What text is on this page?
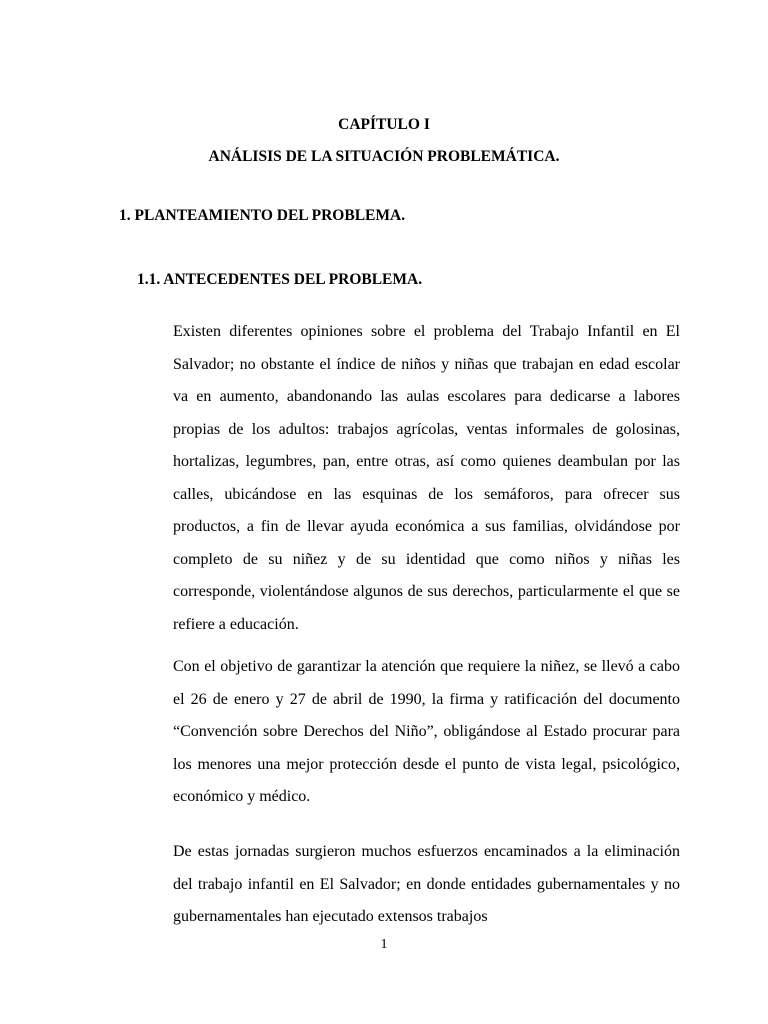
CAPÍTULO I
ANÁLISIS DE LA SITUACIÓN PROBLEMÁTICA.
1. PLANTEAMIENTO DEL PROBLEMA.
1.1. ANTECEDENTES DEL PROBLEMA.

Existen diferentes opiniones sobre el problema del Trabajo Infantil en El Salvador; no obstante el índice de niños y niñas que trabajan en edad escolar va en aumento, abandonando las aulas escolares para dedicarse a labores propias de los adultos: trabajos agrícolas, ventas informales de golosinas, hortalizas, legumbres, pan, entre otras, así como quienes deambulan por las calles, ubicándose en las esquinas de los semáforos, para ofrecer sus productos, a fin de llevar ayuda económica a sus familias, olvidándose por completo de su niñez y de su identidad que como niños y niñas les corresponde, violentándose algunos de sus derechos, particularmente el que se refiere a educación.

Con el objetivo de garantizar la atención que requiere la niñez, se llevó a cabo el 26 de enero y 27 de abril de 1990, la firma y ratificación del documento “Convención sobre Derechos del Niño”, obligándose al Estado procurar para los menores una mejor protección desde el punto de vista legal, psicológico, económico y médico.

De estas jornadas surgieron muchos esfuerzos encaminados a la eliminación del trabajo infantil en El Salvador; en donde entidades gubernamentales y no gubernamentales han ejecutado extensos trabajos

1
